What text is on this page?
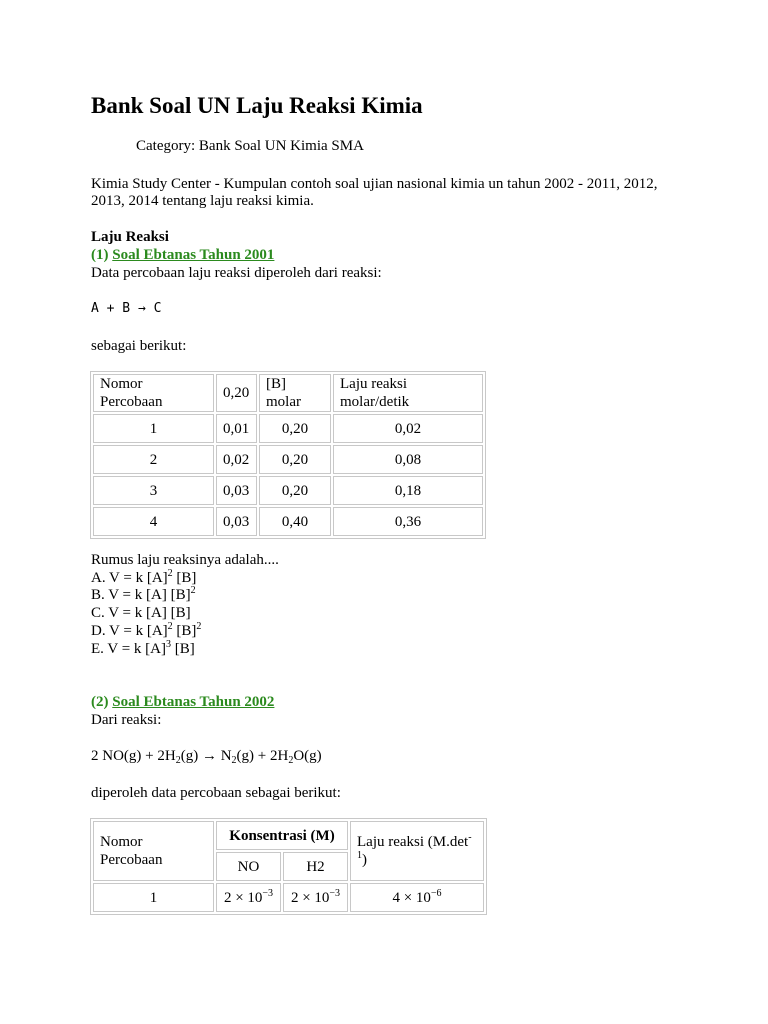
Bank Soal UN Laju Reaksi Kimia
Category: Bank Soal UN Kimia SMA
Kimia Study Center - Kumpulan contoh soal ujian nasional kimia un tahun 2002 - 2011, 2012,
2013, 2014 tentang laju reaksi kimia.
Laju Reaksi
(1) Soal Ebtanas Tahun 2001
Data percobaan laju reaksi diperoleh dari reaksi:
A + B → C
sebagai berikut:
Nomor Percobaan	0,20	[B] molar	Laju reaksi molar/detik
1	0,01	0,20	0,02
2	0,02	0,20	0,08
3	0,03	0,20	0,18
4	0,03	0,40	0,36
Rumus laju reaksinya adalah....
A. V = k $[A]^2$ [B]
B. V = k [A] $[B]^2$
C. V = k [A] [B]
D. V = k $[A]^2$ $[B]^2$
E. V = k $[A]^3$ [B]
(2) Soal Ebtanas Tahun 2002
Dari reaksi:
2 $NO(g) + 2H_2(g) \to N_2(g) + 2H_2O(g)$
diperoleh data percobaan sebagai berikut:
Nomor Percobaan	Konsentrasi (M)		Laju reaksi $(M.\det^{-1})$
	NO	H2	
1	$2 \times 10^{-3}$	$2 \times 10^{-3}$	$4 \times 10^{-6}$
